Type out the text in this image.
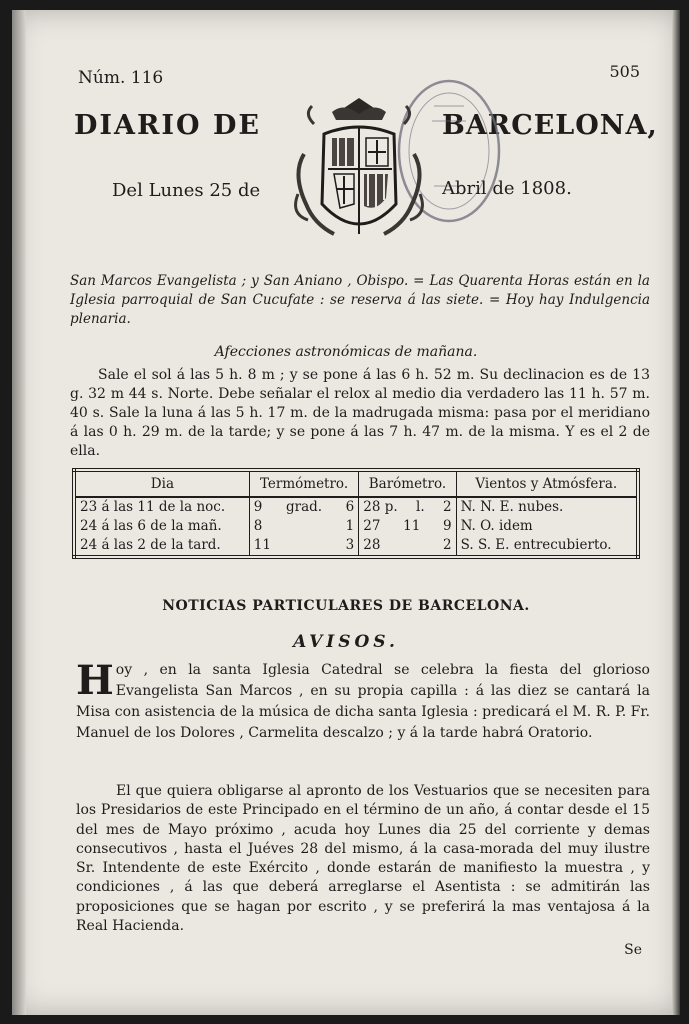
Núm. 116	505
DIARIO DE	BARCELONA,
Del Lunes 25 de	Abril de 1808.
San Marcos Evangelista ; y San Aniano , Obispo. = Las Quarenta Horas están en la Iglesia parroquial de San Cucufate : se reserva á las siete. = Hoy hay Indulgencia plenaria.
Afecciones astronómicas de mañana.
Sale el sol á las 5 h. 8 m ; y se pone á las 6 h. 52 m. Su declinacion es de 13 g. 32 m 44 s. Norte. Debe señalar el relox al medio dia verdadero las 11 h. 57 m. 40 s. Sale la luna á las 5 h. 17 m. de la madrugada misma: pasa por el meridiano á las 0 h. 29 m. de la tarde; y se pone á las 7 h. 47 m. de la misma. Y es el 2 de ella.
Dia	Termómetro.	Barómetro.	Vientos y Atmósfera.
23 á las 11 de la noc.	9 grad. 6	28 p. l. 2	N. N. E. nubes.
24 á las 6 de la mañ.	8 1	27 11 9	N. O. idem
24 á las 2 de la tard.	11 3	28 2	S. S. E. entrecubierto.
NOTICIAS PARTICULARES DE BARCELONA.
AVISOS.
Hoy , en la santa Iglesia Catedral se celebra la fiesta del glorioso Evangelista San Marcos , en su propia capilla : á las diez se cantará la Misa con asistencia de la música de dicha santa Iglesia : predicará el M. R. P. Fr. Manuel de los Dolores , Carmelita descalzo ; y á la tarde habrá Oratorio.
El que quiera obligarse al apronto de los Vestuarios que se necesiten para los Presidarios de este Principado en el término de un año, á contar desde el 15 del mes de Mayo próximo , acuda hoy Lunes dia 25 del corriente y demas consecutivos , hasta el Juéves 28 del mismo, á la casa-morada del muy ilustre Sr. Intendente de este Exército , donde estarán de manifiesto la muestra , y condiciones , á las que deberá arreglarse el Asentista : se admitirán las proposiciones que se hagan por escrito , y se preferirá la mas ventajosa á la Real Hacienda.
Se
